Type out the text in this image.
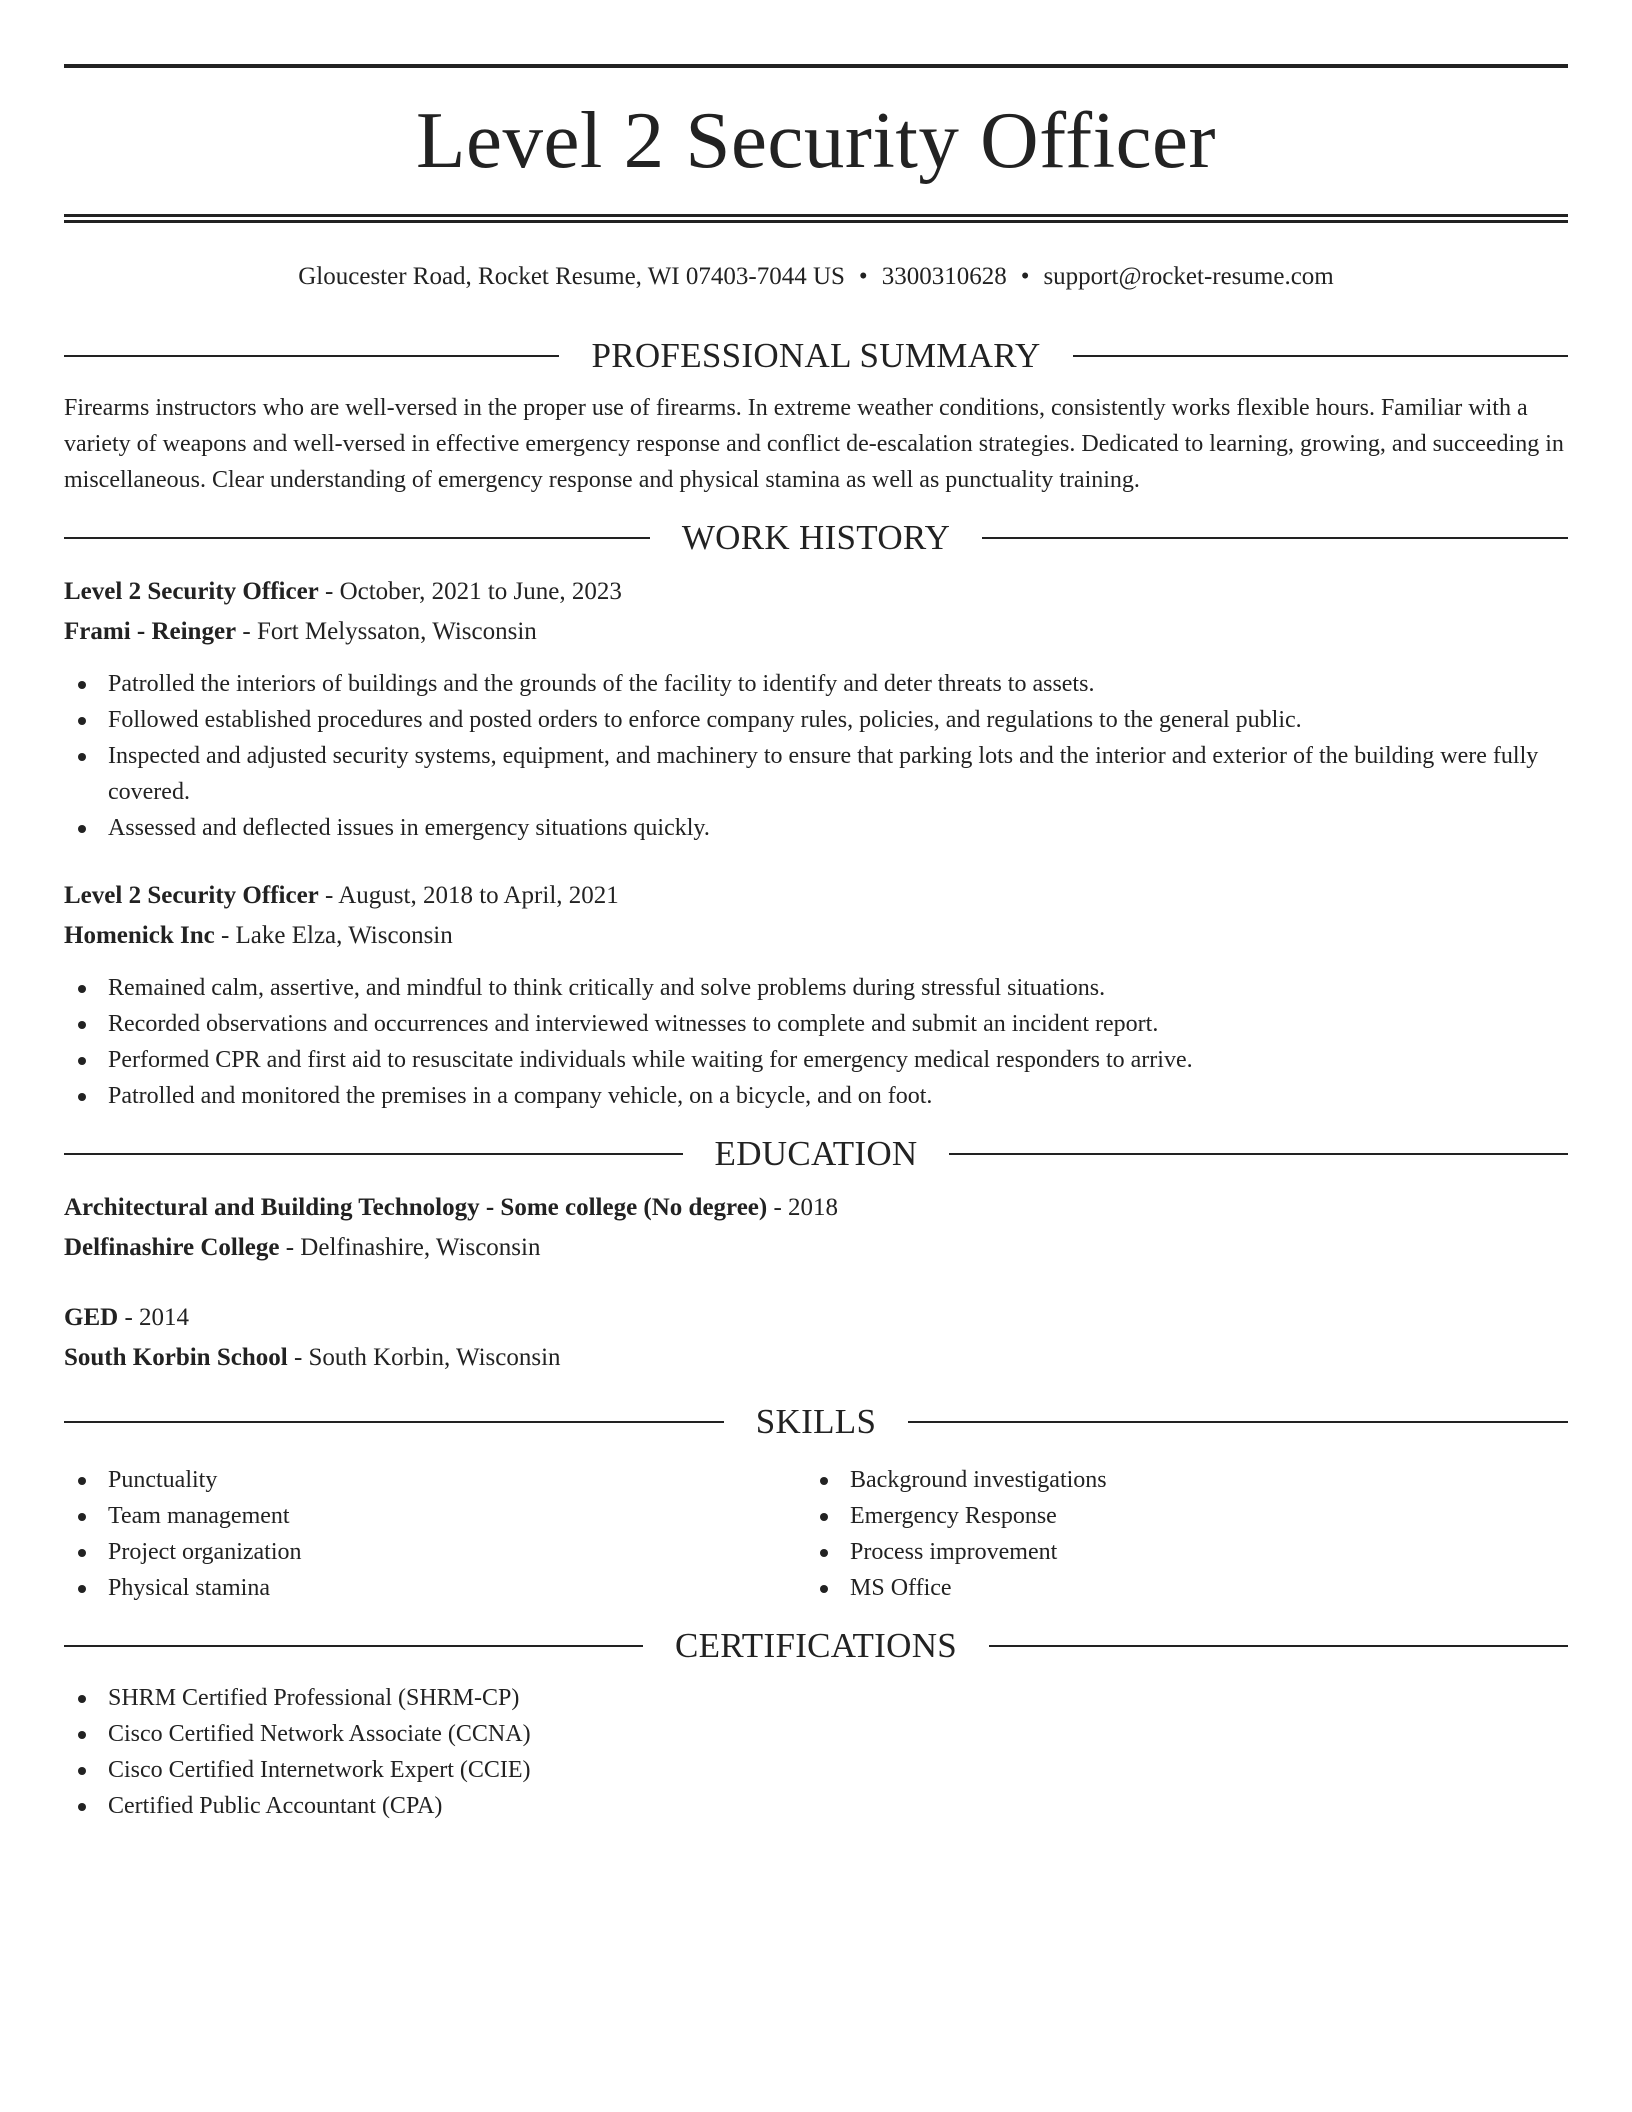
Level 2 Security Officer
Gloucester Road, Rocket Resume, WI 07403-7044 US • 3300310628 • support@rocket-resume.com
PROFESSIONAL SUMMARY
Firearms instructors who are well-versed in the proper use of firearms. In extreme weather conditions, consistently works flexible hours. Familiar with a variety of weapons and well-versed in effective emergency response and conflict de-escalation strategies. Dedicated to learning, growing, and succeeding in miscellaneous. Clear understanding of emergency response and physical stamina as well as punctuality training.
WORK HISTORY
Level 2 Security Officer - October, 2021 to June, 2023
Frami - Reinger - Fort Melyssaton, Wisconsin
Patrolled the interiors of buildings and the grounds of the facility to identify and deter threats to assets.
Followed established procedures and posted orders to enforce company rules, policies, and regulations to the general public.
Inspected and adjusted security systems, equipment, and machinery to ensure that parking lots and the interior and exterior of the building were fully covered.
Assessed and deflected issues in emergency situations quickly.
Level 2 Security Officer - August, 2018 to April, 2021
Homenick Inc - Lake Elza, Wisconsin
Remained calm, assertive, and mindful to think critically and solve problems during stressful situations.
Recorded observations and occurrences and interviewed witnesses to complete and submit an incident report.
Performed CPR and first aid to resuscitate individuals while waiting for emergency medical responders to arrive.
Patrolled and monitored the premises in a company vehicle, on a bicycle, and on foot.
EDUCATION
Architectural and Building Technology - Some college (No degree) - 2018
Delfinashire College - Delfinashire, Wisconsin
GED - 2014
South Korbin School - South Korbin, Wisconsin
SKILLS
Punctuality
Team management
Project organization
Physical stamina
Background investigations
Emergency Response
Process improvement
MS Office
CERTIFICATIONS
SHRM Certified Professional (SHRM-CP)
Cisco Certified Network Associate (CCNA)
Cisco Certified Internetwork Expert (CCIE)
Certified Public Accountant (CPA)
